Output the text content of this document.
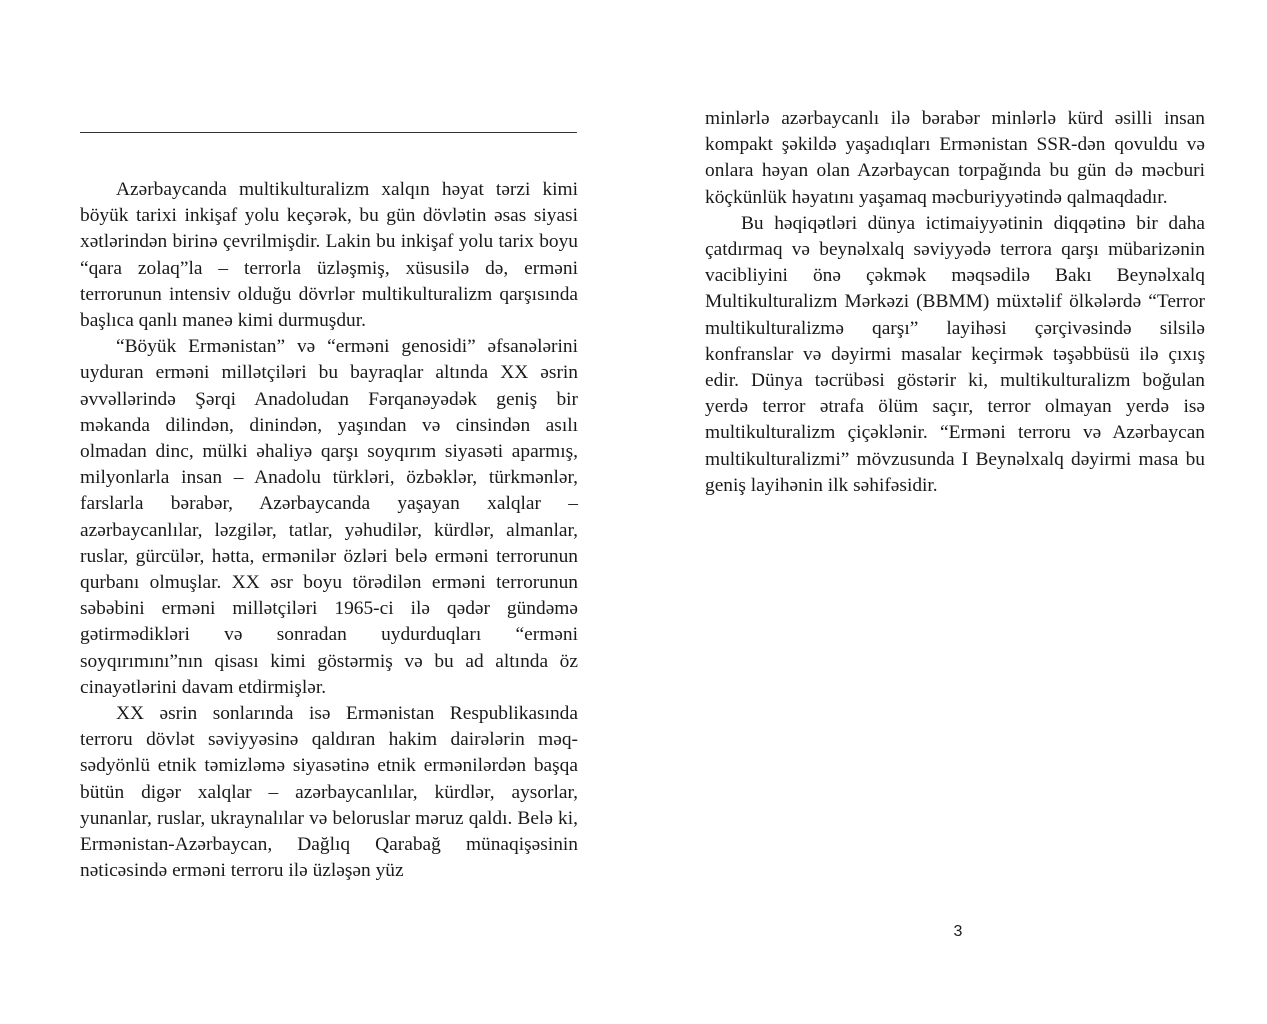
Azərbaycanda multikulturalizm xalqın həyat tərzi kimi böyük tarixi inkişaf yolu keçərək, bu gün dövlətin əsas siyasi xətlərindən birinə çevrilmişdir. Lakin bu inkişaf yolu tarix boyu “qara zolaq”la – terrorla üzləşmiş, xüsusilə də, erməni terrorunun intensiv olduğu dövrlər multikulturalizm qarşısında başlıca qanlı maneə kimi durmuşdur.

“Böyük Ermənistan” və “erməni genosidi” əfsanələrini uyduran erməni millətçiləri bu bayraqlar altında XX əsrin əvvəllərində Şərqi Anadoludan Fərqanəyədək geniş bir məkanda dilindən, dinindən, yaşından və cinsindən asılı olmadan dinc, mülki əhaliyə qarşı soyqırım siyasəti aparmış, milyonlarla insan – Anadolu türkləri, özbəklər, türkmənlər, farslarla bərabər, Azərbaycanda yaşayan xalqlar – azərbaycanlılar, ləzgilər, tatlar, yəhudilər, kürdlər, almanlar, ruslar, gürcülər, hətta, ermənilər özləri belə erməni terrorunun qurbanı olmuşlar. XX əsr boyu törədilən erməni terrorunun səbəbini erməni millətçiləri 1965-ci ilə qədər gündəmə gətirmədikləri və sonradan uydurduqları “erməni soyqırımını”nın qisası kimi göstərmiş və bu ad altında öz cinayətlərini davam etdirmişlər.

XX əsrin sonlarında isə Ermənistan Respublikasında terroru dövlət səviyyəsinə qaldıran hakim dairələrin məqsədyönlü etnik təmizləmə siyasətinə etnik ermənilərdən başqa bütün digər xalqlar – azərbaycanlılar, kürdlər, aysorlar, yunanlar, ruslar, ukraynalılar və beloruslar məruz qaldı. Belə ki, Ermənistan-Azərbaycan, Dağlıq Qarabağ münaqişəsinin nəticəsində erməni terroru ilə üzləşən yüz

minlərlə azərbaycanlı ilə bərabər minlərlə kürd əsilli insan kompakt şəkildə yaşadıqları Ermənistan SSR-dən qovuldu və onlara həyan olan Azərbaycan torpağında bu gün də məcburi köçkünlük həyatını yaşamaq məcburiyyətində qalmaqdadır.

Bu həqiqətləri dünya ictimaiyyətinin diqqətinə bir daha çatdırmaq və beynəlxalq səviyyədə terrora qarşı mübarizənin vacibliyini önə çəkmək məqsədilə Bakı Beynəlxalq Multikulturalizm Mərkəzi (BBMM) müxtəlif ölkələrdə “Terror multikulturalizmə qarşı” layihəsi çərçivəsində silsilə konfranslar və dəyirmi masalar keçirmək təşəbbüsü ilə çıxış edir. Dünya təcrübəsi göstərir ki, multikulturalizm boğulan yerdə terror ətrafa ölüm saçır, terror olmayan yerdə isə multikulturalizm çiçəklənir. “Erməni terroru və Azərbaycan multikulturalizmi” mövzusunda I Beynəlxalq dəyirmi masa bu geniş layihənin ilk səhifəsidir.

3
